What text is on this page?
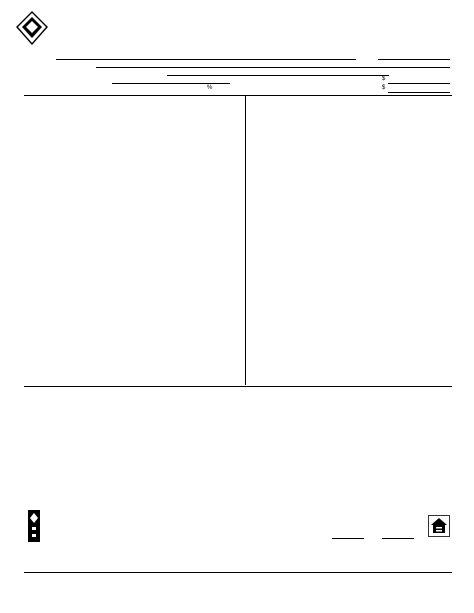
$
%	$
